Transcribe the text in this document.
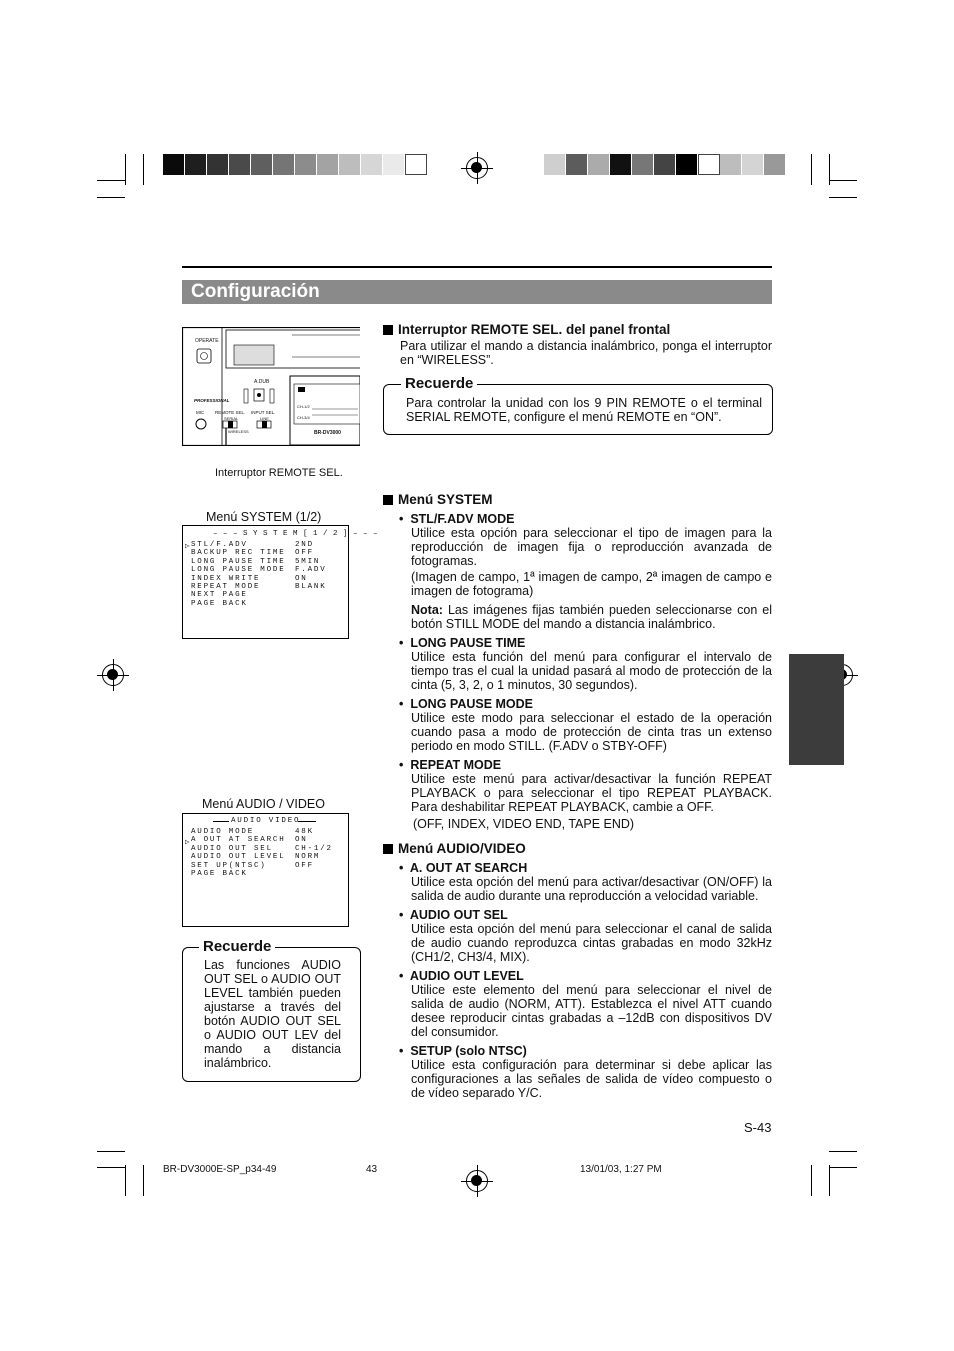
Configuración
OPERATE
A.DUB
PROFESSIONAL
MIC REMOTE SEL.
SERIAL
INPUT SEL.
LINE
WIRELESS
CH-1/2
CH-3/4
BR-DV3000
Interruptor REMOTE SEL.
Interruptor REMOTE SEL. del panel frontal
Para utilizar el mando a distancia inalámbrico, ponga el interruptor en “WIRELESS”.
Recuerde
Para controlar la unidad con los 9 PIN REMOTE o el terminal SERIAL REMOTE, configure el menú REMOTE en “ON”.
Menú SYSTEM (1/2)
– – – S Y S T E M [ 1 / 2 ] – – –
▷ STL/F.ADV	2ND
BACKUP REC TIME OFF
LONG PAUSE TIME 5MIN
LONG PAUSE MODE F.ADV
INDEX WRITE	ON
REPEAT MODE	BLANK
NEXT PAGE
PAGE BACK
Menú AUDIO / VIDEO
AUDIO VIDEO
▷
AUDIO MODE	48K
A OUT AT SEARCH ON
AUDIO OUT SEL	CH-1/2
AUDIO OUT LEVEL NORM
SET UP(NTSC)	OFF
PAGE BACK
Recuerde
Las funciones AUDIO OUT SEL o AUDIO OUT LEVEL también pueden ajustarse a través del botón AUDIO OUT SEL o AUDIO OUT LEV del mando a distancia inalámbrico.
Menú SYSTEM
•  STL/F.ADV MODE
Utilice esta opción para seleccionar el tipo de imagen para la reproducción de imagen fija o reproducción avanzada de fotogramas.
(Imagen de campo, 1ª imagen de campo, 2ª imagen de campo e imagen de fotograma)
Nota: Las imágenes fijas también pueden seleccionarse con el botón STILL MODE del mando a distancia inalámbrico.
•  LONG PAUSE TIME
Utilice esta función del menú para configurar el intervalo de tiempo tras el cual la unidad pasará al modo de protección de la cinta (5, 3, 2, o 1 minutos, 30 segundos).
•  LONG PAUSE MODE
Utilice este modo para seleccionar el estado de la operación cuando pasa a modo de protección de cinta tras un extenso periodo en modo STILL. (F.ADV o STBY-OFF)
•  REPEAT MODE
Utilice este menú para activar/desactivar la función REPEAT PLAYBACK o para seleccionar el tipo REPEAT PLAYBACK. Para deshabilitar REPEAT PLAYBACK, cambie a OFF.
(OFF, INDEX, VIDEO END, TAPE END)
Menú AUDIO/VIDEO
•  A. OUT AT SEARCH
Utilice esta opción del menú para activar/desactivar (ON/OFF) la salida de audio durante una reproducción a velocidad variable.
•  AUDIO OUT SEL
Utilice esta opción del menú para seleccionar el canal de salida de audio cuando reproduzca cintas grabadas en modo 32kHz (CH1/2, CH3/4, MIX).
•  AUDIO OUT LEVEL
Utilice este elemento del menú para seleccionar el nivel de salida de audio (NORM, ATT). Establezca el nivel ATT cuando desee reproducir cintas grabadas a –12dB con dispositivos DV del consumidor.
•  SETUP (solo NTSC)
Utilice esta configuración para determinar si debe aplicar las configuraciones a las señales de salida de vídeo compuesto o de vídeo separado Y/C.
S-43
BR-DV3000E-SP_p34-49	43	13/01/03, 1:27 PM
